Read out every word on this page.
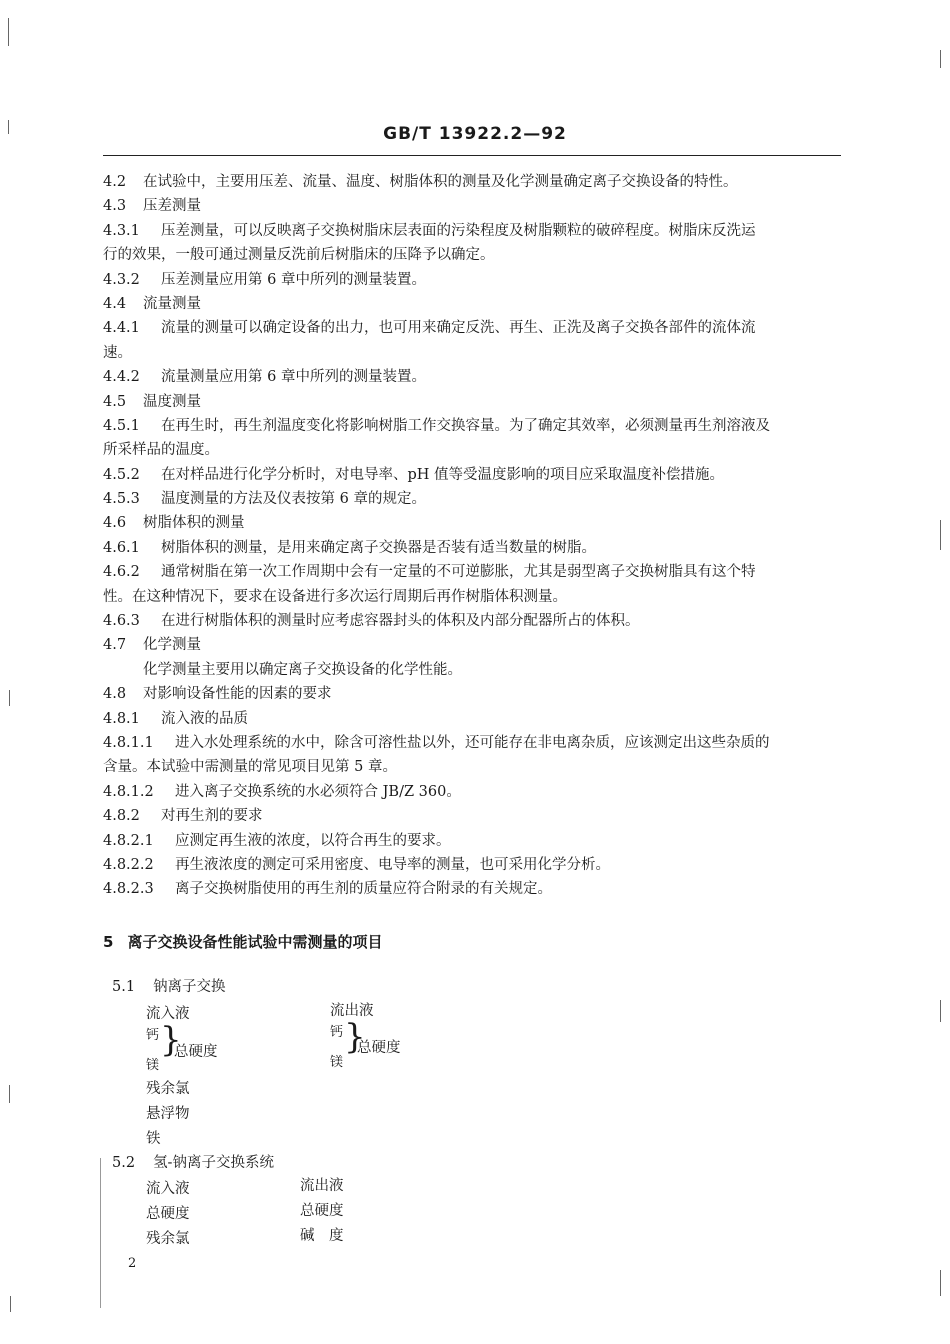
GB/T 13922.2—92
4.2 在试验中，主要用压差、流量、温度、树脂体积的测量及化学测量确定离子交换设备的特性。
4.3 压差测量
4.3.1 压差测量，可以反映离子交换树脂床层表面的污染程度及树脂颗粒的破碎程度。树脂床反洗运
行的效果，一般可通过测量反洗前后树脂床的压降予以确定。
4.3.2 压差测量应用第 6 章中所列的测量装置。
4.4 流量测量
4.4.1 流量的测量可以确定设备的出力，也可用来确定反洗、再生、正洗及离子交换各部件的流体流
速。
4.4.2 流量测量应用第 6 章中所列的测量装置。
4.5 温度测量
4.5.1 在再生时，再生剂温度变化将影响树脂工作交换容量。为了确定其效率，必须测量再生剂溶液及
所采样品的温度。
4.5.2 在对样品进行化学分析时，对电导率、pH 值等受温度影响的项目应采取温度补偿措施。
4.5.3 温度测量的方法及仪表按第 6 章的规定。
4.6 树脂体积的测量
4.6.1 树脂体积的测量，是用来确定离子交换器是否装有适当数量的树脂。
4.6.2 通常树脂在第一次工作周期中会有一定量的不可逆膨胀，尤其是弱型离子交换树脂具有这个特
性。在这种情况下，要求在设备进行多次运行周期后再作树脂体积测量。
4.6.3 在进行树脂体积的测量时应考虑容器封头的体积及内部分配器所占的体积。
4.7 化学测量
化学测量主要用以确定离子交换设备的化学性能。
4.8 对影响设备性能的因素的要求
4.8.1 流入液的品质
4.8.1.1 进入水处理系统的水中，除含可溶性盐以外，还可能存在非电离杂质，应该测定出这些杂质的
含量。本试验中需测量的常见项目见第 5 章。
4.8.1.2 进入离子交换系统的水必须符合 JB/Z 360。
4.8.2 对再生剂的要求
4.8.2.1 应测定再生液的浓度，以符合再生的要求。
4.8.2.2 再生液浓度的测定可采用密度、电导率的测量，也可采用化学分析。
4.8.2.3 离子交换树脂使用的再生剂的质量应符合附录的有关规定。
5 离子交换设备性能试验中需测量的项目
5.1 钠离子交换
流入液
钙
镁
}
总硬度
残余氯
悬浮物
铁
流出液
钙
镁
}
总硬度
5.2 氢-钠离子交换系统
流入液
总硬度
残余氯
流出液
总硬度
碱　度
2
